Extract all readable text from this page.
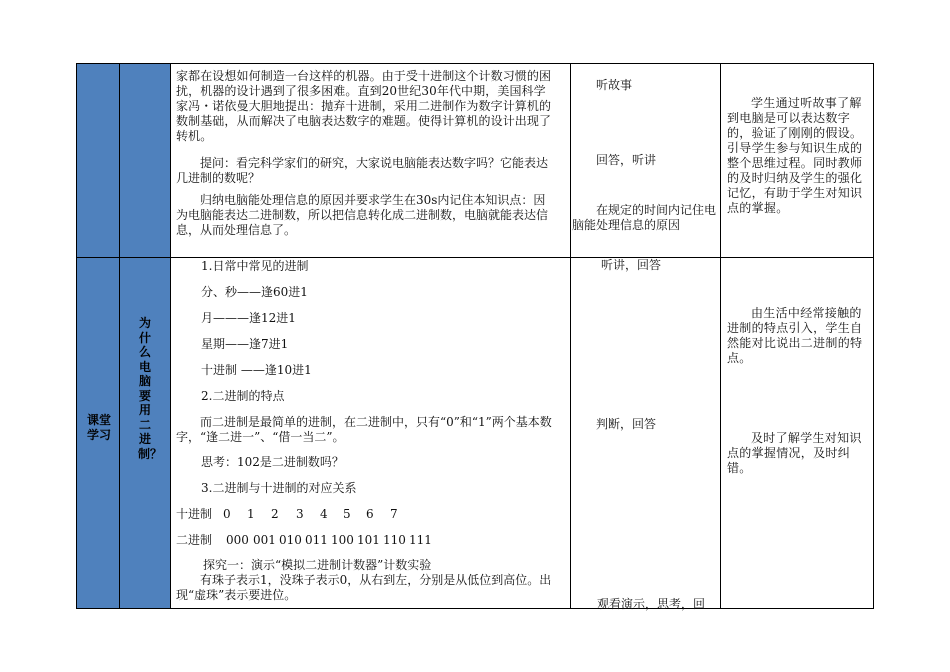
家都在设想如何制造一台这样的机器。由于受十进制这个计数习惯的困扰，机器的设计遇到了很多困难。直到20世纪30年代中期，美国科学家冯・诺依曼大胆地提出：抛弃十进制，采用二进制作为数字计算机的数制基础，从而解决了电脑表达数字的难题。使得计算机的设计出现了转机。
提问：看完科学家们的研究，大家说电脑能表达数字吗？它能表达几进制的数呢？
归纳电脑能处理信息的原因并要求学生在30s内记住本知识点：因为电脑能表达二进制数，所以把信息转化成二进制数，电脑就能表达信息，从而处理信息了。
听故事
回答，听讲
在规定的时间内记住电脑能处理信息的原因
学生通过听故事了解到电脑是可以表达数字的，验证了刚刚的假设。引导学生参与知识生成的整个思维过程。同时教师的及时归纳及学生的强化记忆，有助于学生对知识点的掌握。
课堂学习
为什么电脑要用二进制？
1.日常中常见的进制
分、秒——逢60进1
月———逢12进1
星期——逢7进1
十进制 ——逢10进1
2.二进制的特点
而二进制是最简单的进制，在二进制中，只有“0”和“1”两个基本数字，“逢二进一”、“借一当二”。
思考：102是二进制数吗？
3.二进制与十进制的对应关系
十进制 0 1 2 3 4 5 6 7
二进制 000 001 010 011 100 101 110 111
探究一：演示“模拟二进制计数器”计数实验
有珠子表示1，没珠子表示0，从右到左，分别是从低位到高位。出现“虚珠”表示要进位。
听讲，回答
判断，回答
观看演示，思考，回
由生活中经常接触的进制的特点引入，学生自然能对比说出二进制的特点。
及时了解学生对知识点的掌握情况，及时纠错。
